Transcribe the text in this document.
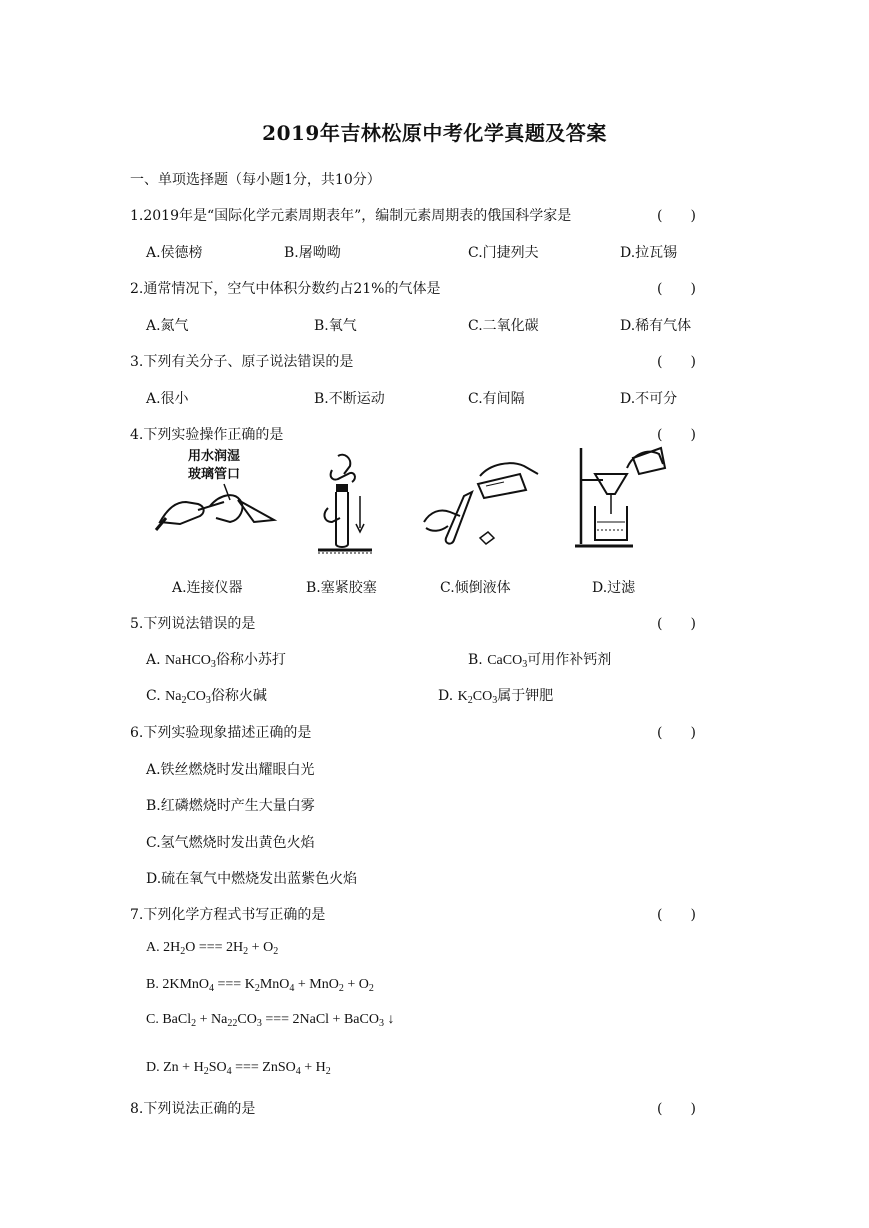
2019年吉林松原中考化学真题及答案
一、单项选择题（每小题1分，共10分）
1.2019年是“国际化学元素周期表年”，编制元素周期表的俄国科学家是	(　　)
A.侯德榜	B.屠呦呦	C.门捷列夫	D.拉瓦锡
2.通常情况下，空气中体积分数约占21%的气体是	(　　)
A.氮气	B.氧气	C.二氧化碳	D.稀有气体
3.下列有关分子、原子说法错误的是	(　　)
A.很小	B.不断运动	C.有间隔	D.不可分
4.下列实验操作正确的是	(　　)
用水润湿
玻璃管口
A.连接仪器	B.塞紧胶塞	C.倾倒液体	D.过滤
5.下列说法错误的是	(　　)
A. NaHCO$_3$俗称小苏打	B. CaCO$_3$可用作补钙剂
C. $Na_2CO_3$俗称火碱	D. $K_2CO_3$属于钾肥
6.下列实验现象描述正确的是	(　　)
A.铁丝燃烧时发出耀眼白光
B.红磷燃烧时产生大量白雾
C.氢气燃烧时发出黄色火焰
D.硫在氧气中燃烧发出蓝紫色火焰
7.下列化学方程式书写正确的是	(　　)
A. $2H_2O$ === $2H_2 + O_2$
B. 2KMnO$_4$ === $K_2MnO_4 + MnO_2 + O_2$
C. BaCl$_2$ + $Na_{22}CO_3$ === 2NaCl + BaCO$_3$ ↓
D. $Zn + H_2SO_4$ === ZnSO$_4$ + $H_2$
8.下列说法正确的是	(　　)
